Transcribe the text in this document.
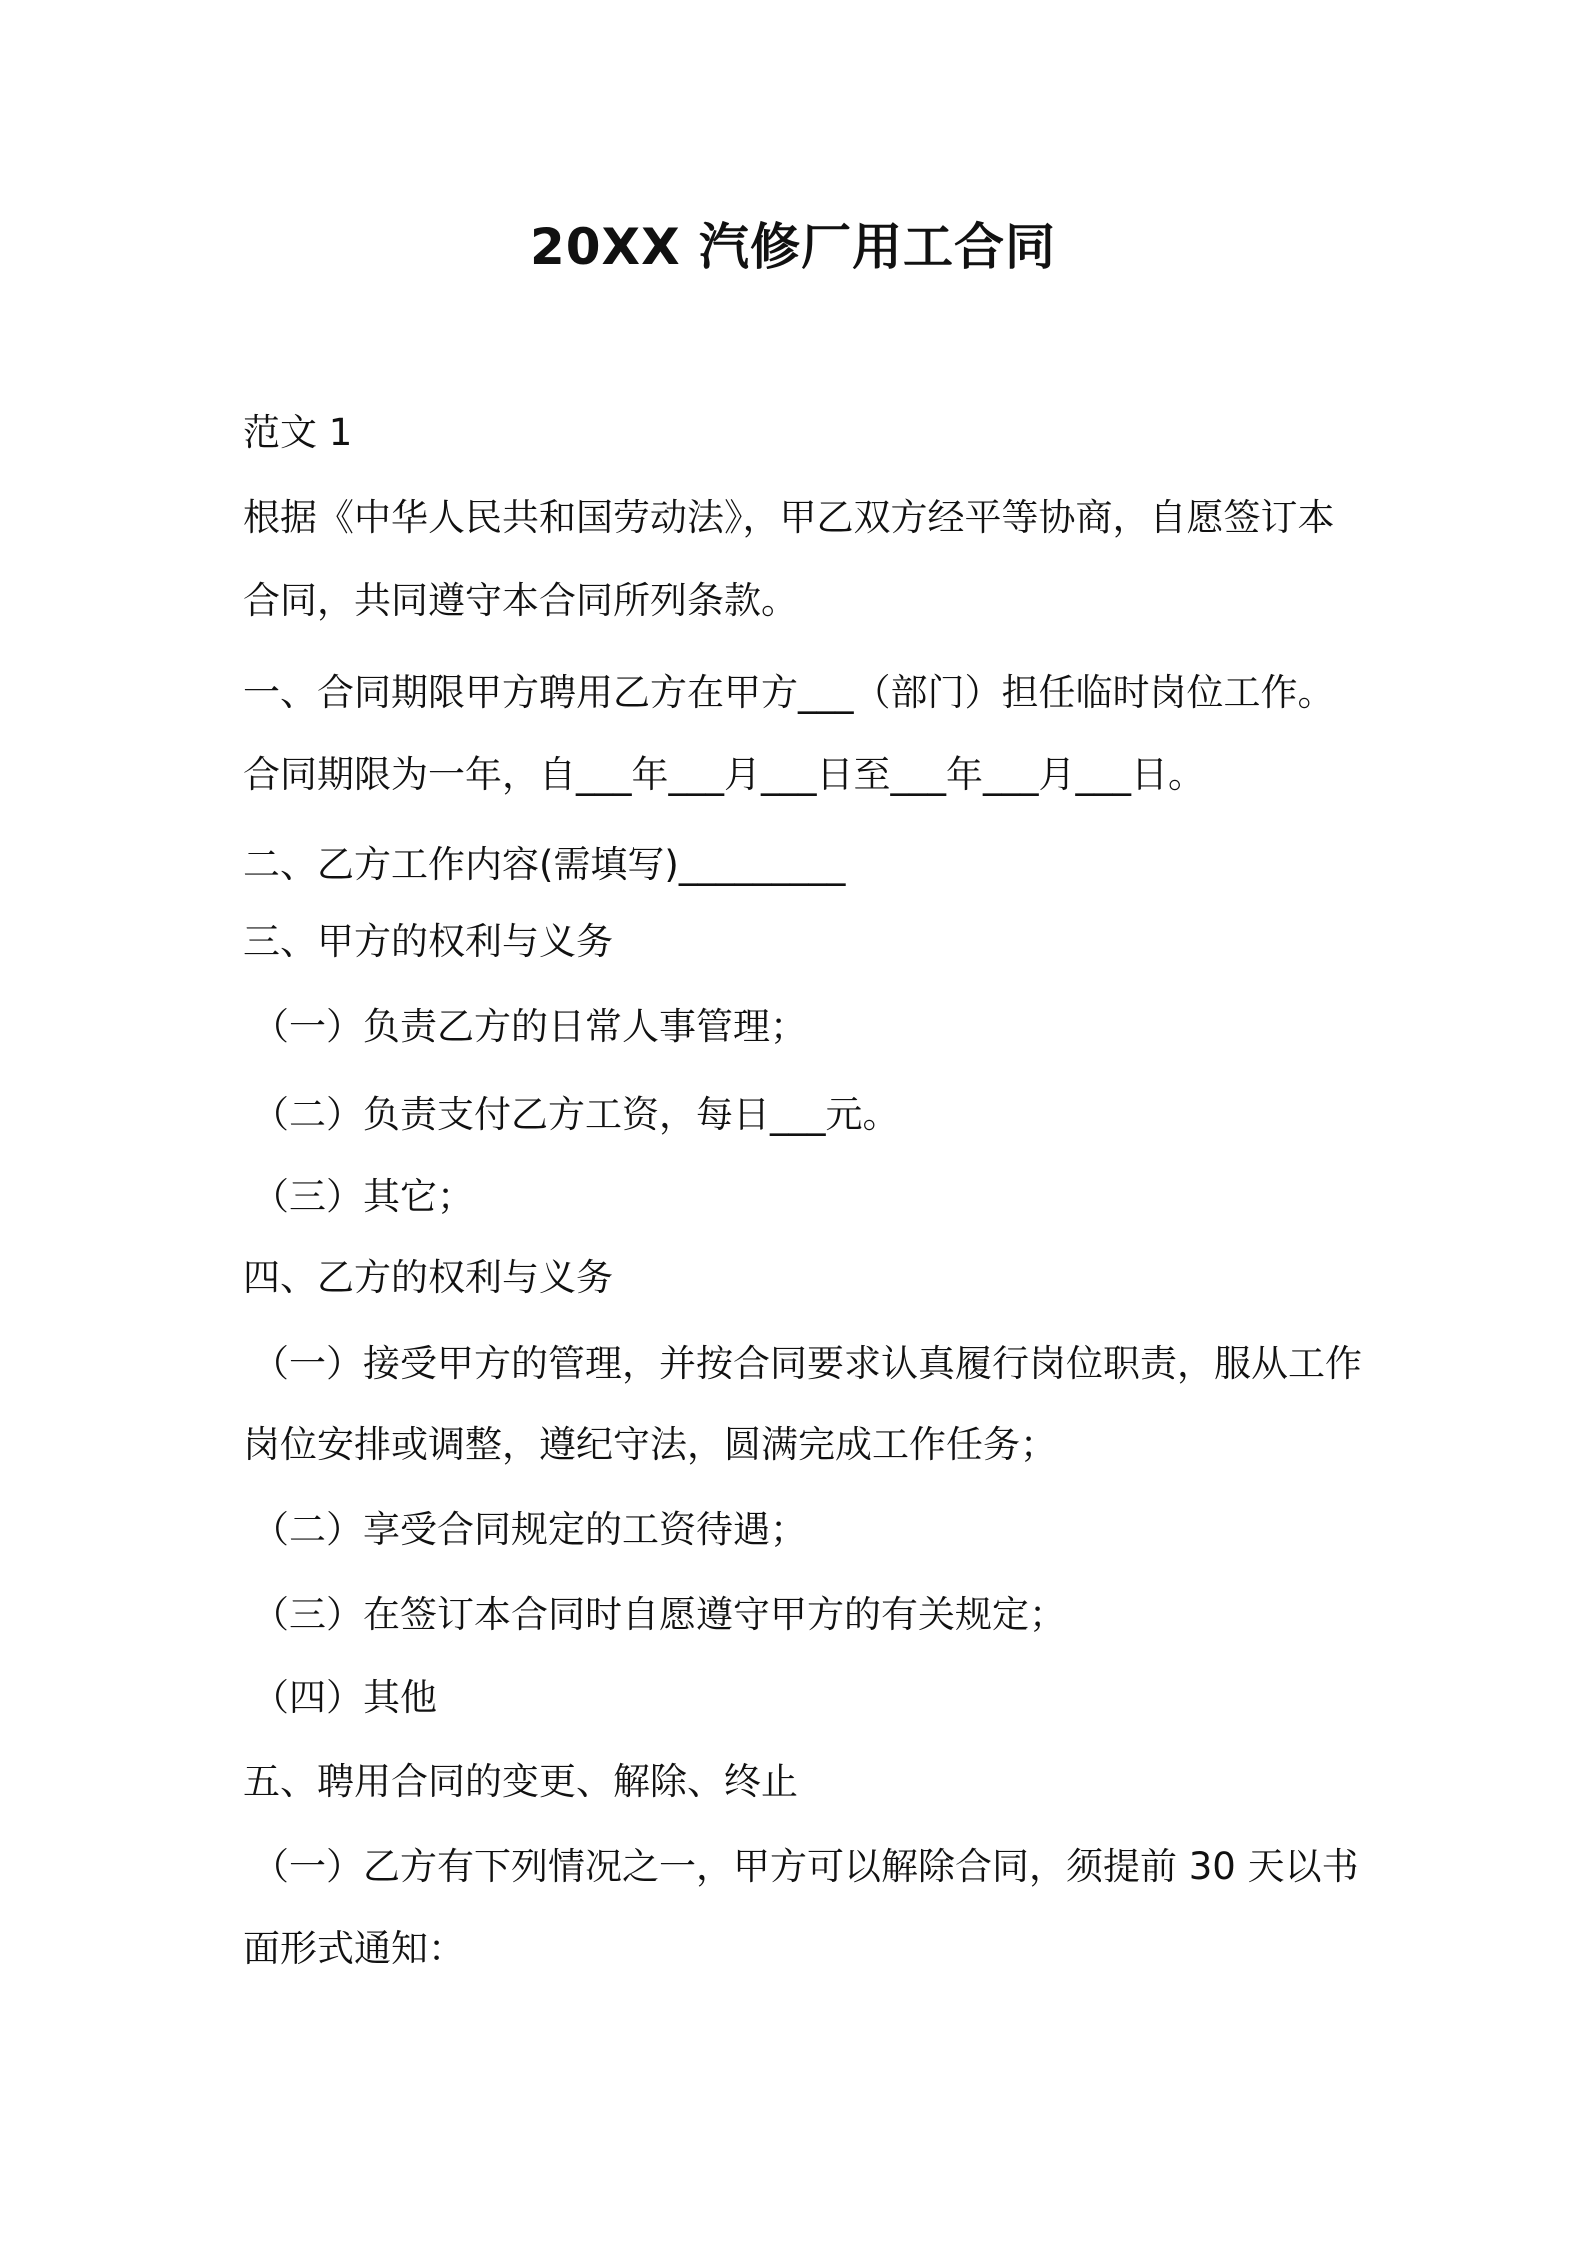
20XX 汽修厂用工合同
范文 1
根据《中华人民共和国劳动法》，甲乙双方经平等协商，自愿签订本
合同，共同遵守本合同所列条款。
一、合同期限甲方聘用乙方在甲方___（部门）担任临时岗位工作。
合同期限为一年，自___年___月___日至___年___月___日。
二、乙方工作内容(需填写)_________
三、甲方的权利与义务
（一）负责乙方的日常人事管理；
（二）负责支付乙方工资，每日___元。
（三）其它；
四、乙方的权利与义务
（一）接受甲方的管理，并按合同要求认真履行岗位职责，服从工作
岗位安排或调整，遵纪守法，圆满完成工作任务；
（二）享受合同规定的工资待遇；
（三）在签订本合同时自愿遵守甲方的有关规定；
（四）其他
五、聘用合同的变更、解除、终止
（一）乙方有下列情况之一，甲方可以解除合同，须提前 30 天以书
面形式通知：
